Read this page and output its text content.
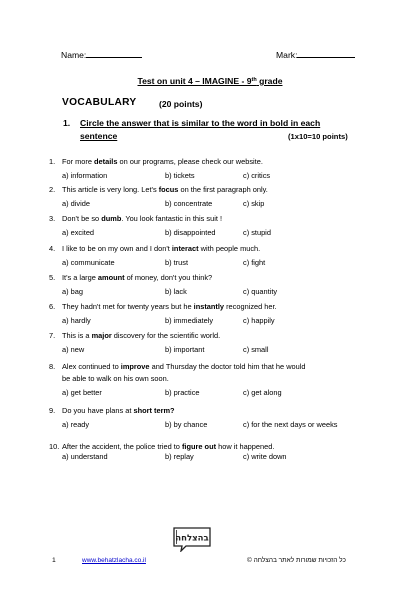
Name:	Mark:
Test on unit 4 – IMAGINE - 9th grade
VOCABULARY	(20 points)
1. Circle the answer that is similar to the word in bold in each
sentence	(1x10=10 points)
1. For more details on our programs, please check our website.
a) information	b) tickets	c) critics
2. This article is very long. Let's focus on the first paragraph only.
a) divide	b) concentrate	c) skip
3. Don't be so dumb. You look fantastic in this suit !
a) excited	b) disappointed	c) stupid
4. I like to be on my own and I don't interact with people much.
a) communicate	b) trust	c) fight
5. It's a large amount of money, don't you think?
a) bag	b) lack	c) quantity
6. They hadn't met for twenty years but he instantly recognized her.
a) hardly	b) immediately	c) happily
7. This is a major discovery for the scientific world.
a) new	b) important	c) small
8. Alex continued to improve and Thursday the doctor told him that he would
be able to walk on his own soon.
a) get better	b) practice	c) get along
9. Do you have plans at short term?
a) ready	b) by chance	c) for the next days or weeks
10. After the accident, the police tried to figure out how it happened.
a) understand	b) replay	c) write down
1	www.behatzlacha.co.il	כל הזכויות שמורות לאתר בהצלחה ©
בהצלחה
